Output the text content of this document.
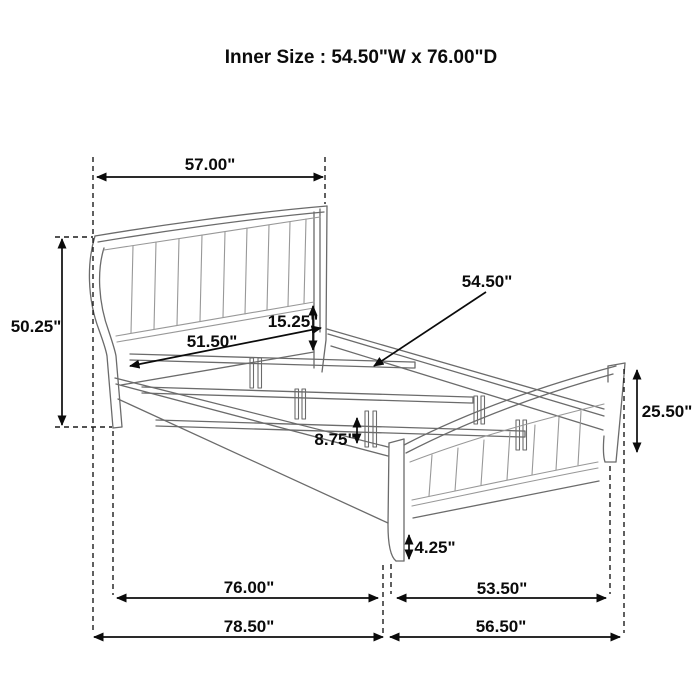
Inner Size : 54.50"W x 76.00"D
57.00"
50.25"
54.50"
15.25"
51.50"
8.75"
25.50"
4.25"
76.00"	53.50"
78.50"	56.50"
